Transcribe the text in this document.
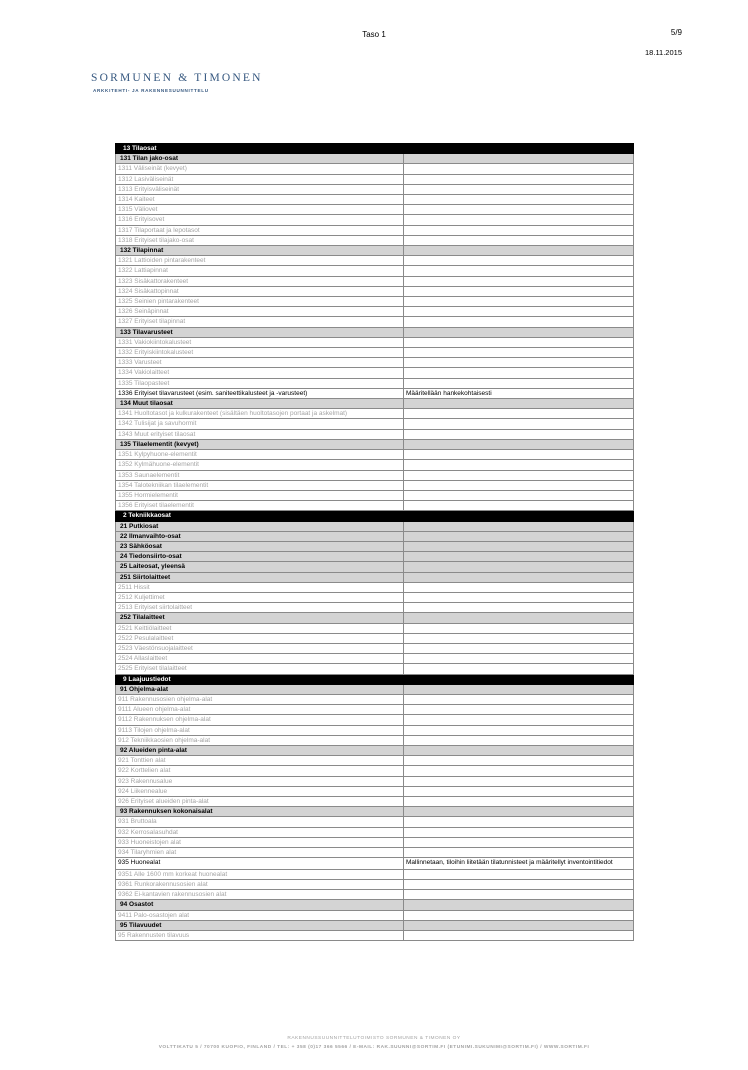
Taso 1	5/9
18.11.2015
SORMUNEN & TIMONEN
ARKKITEHTI- JA RAKENNESUUNNITTELU
13 Tilaosat	
131 Tilan jako-osat	
1311 Väliseinät (kevyet)	
1312 Lasiväliseinät	
1313 Erityisväliseinät	
1314 Kaiteet	
1315 Väliovet	
1316 Erityisovet	
1317 Tilaportaat ja lepotasot	
1318 Erityiset tilajako-osat	
132 Tilapinnat	
1321 Lattioiden pintarakenteet	
1322 Lattiapinnat	
1323 Sisäkattorakenteet	
1324 Sisäkattopinnat	
1325 Seinien pintarakenteet	
1326 Seinäpinnat	
1327 Erityiset tilapinnat	
133 Tilavarusteet	
1331 Vakiokiintokalusteet	
1332 Erityiskiintokalusteet	
1333 Varusteet	
1334 Vakiolaitteet	
1335 Tilaopasteet	
1336 Erityiset tilavarusteet (esim. saniteettikalusteet ja -varusteet)	Määritellään hankekohtaisesti
134 Muut tilaosat	
1341 Huoltotasot ja kulkurakenteet (sisältäen huoltotasojen portaat ja askelmat)	
1342 Tulisijat ja savuhormit	
1343 Muut erityiset tilaosat	
135 Tilaelementit (kevyet)	
1351 Kylpyhuone-elementit	
1352 Kylmähuone-elementit	
1353 Saunaelementit	
1354 Talotekniikan tilaelementit	
1355 Hormielementit	
1356 Erityiset tilaelementit	
2 Tekniikkaosat	
21 Putkiosat	
22 Ilmanvaihto-osat	
23 Sähköosat	
24 Tiedonsiirto-osat	
25 Laiteosat, yleensä	
251 Siirtolaitteet	
2511 Hissit	
2512 Kuljettimet	
2513 Erityiset siirtolaitteet	
252 Tilalaitteet	
2521 Keittiölaitteet	
2522 Pesulalaitteet	
2523 Väestönsuojalaitteet	
2524 Allaslaitteet	
2525 Erityiset tilalaitteet	
9 Laajuustiedot	
91 Ohjelma-alat	
911 Rakennusosien ohjelma-alat	
9111 Alueen ohjelma-alat	
9112 Rakennuksen ohjelma-alat	
9113 Tilojen ohjelma-alat	
912 Tekniikkaosien ohjelma-alat	
92 Alueiden pinta-alat	
921 Tonttien alat	
922 Korttelien alat	
923 Rakennusalue	
924 Liikennealue	
926 Erityiset alueiden pinta-alat	
93 Rakennuksen kokonaisalat	
931 Bruttoala	
932 Kerrosalasuhdat	
933 Huoneistojen alat	
934 Tilaryhmien alat	
935 Huonealat	Mallinnetaan, tiloihin liitetään tilatunnisteet ja määritellyt inventointitiedot
9351 Alle 1600 mm korkeat huonealat	
9361 Runkorakennusosien alat	
9362 Ei-kantavien rakennusosien alat	
94 Osastot	
9411 Palo-osastojen alat	
95 Tilavuudet	
95 Rakennusten tilavuus	
RAKENNUSSUUNNITTELUTOIMISTO SORMUNEN & TIMONEN OY
VOLTTIKATU 5 / 70700 KUOPIO, FINLAND / TEL: + 358 (0)17 366 5566 / E-MAIL: RAK.SUUNNI@SORTIM.FI (ETUNIMI.SUKUNIMI@SORTIM.FI) / WWW.SORTIM.FI
